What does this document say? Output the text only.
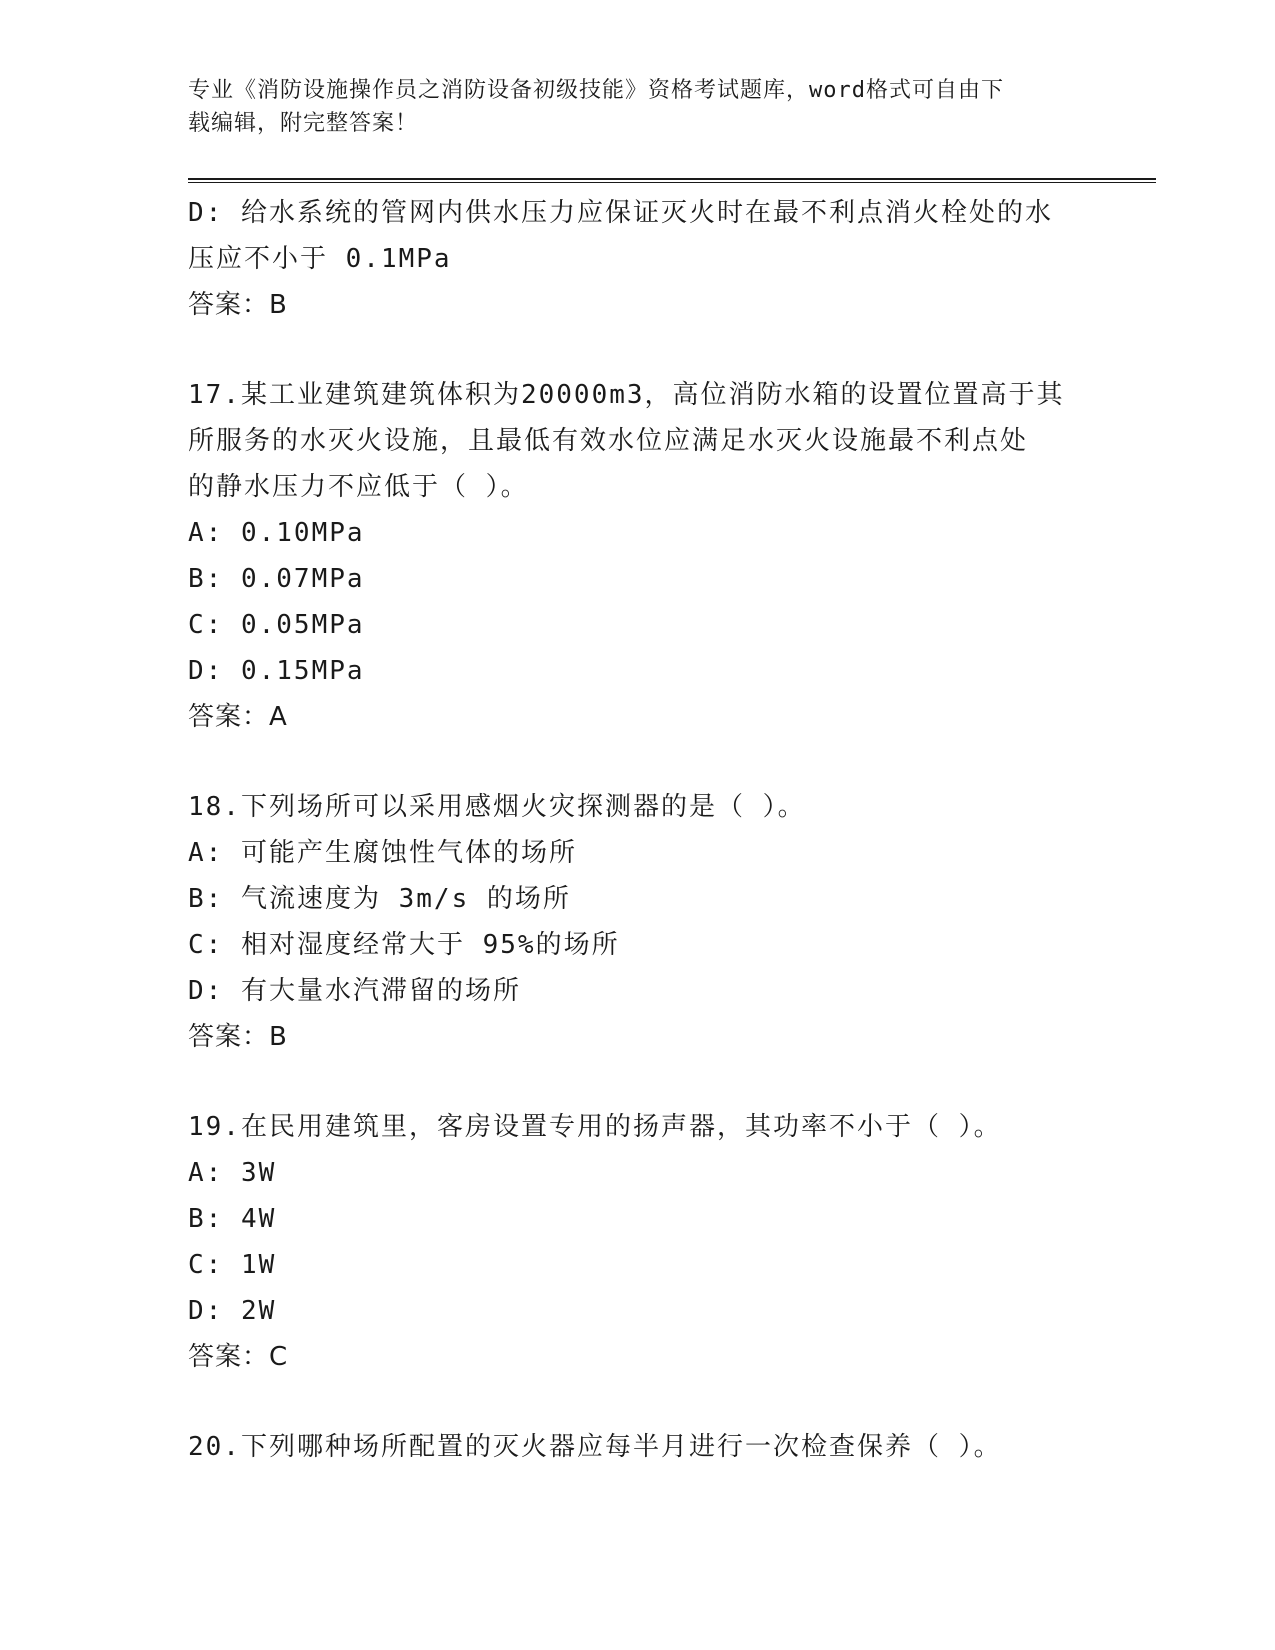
专业《消防设施操作员之消防设备初级技能》资格考试题库，word格式可自由下
载编辑，附完整答案！
D: 给水系统的管网内供水压力应保证灭火时在最不利点消火栓处的水
压应不小于 0.1MPa
答案：B
17.某工业建筑建筑体积为20000m3，高位消防水箱的设置位置高于其
所服务的水灭火设施，且最低有效水位应满足水灭火设施最不利点处
的静水压力不应低于（ ）。
A: 0.10MPa
B: 0.07MPa
C: 0.05MPa
D: 0.15MPa
答案：A
18.下列场所可以采用感烟火灾探测器的是（ ）。
A: 可能产生腐蚀性气体的场所
B: 气流速度为 3m/s 的场所
C: 相对湿度经常大于 95%的场所
D: 有大量水汽滞留的场所
答案：B
19.在民用建筑里，客房设置专用的扬声器，其功率不小于（ ）。
A: 3W
B: 4W
C: 1W
D: 2W
答案：C
20.下列哪种场所配置的灭火器应每半月进行一次检查保养（ ）。
